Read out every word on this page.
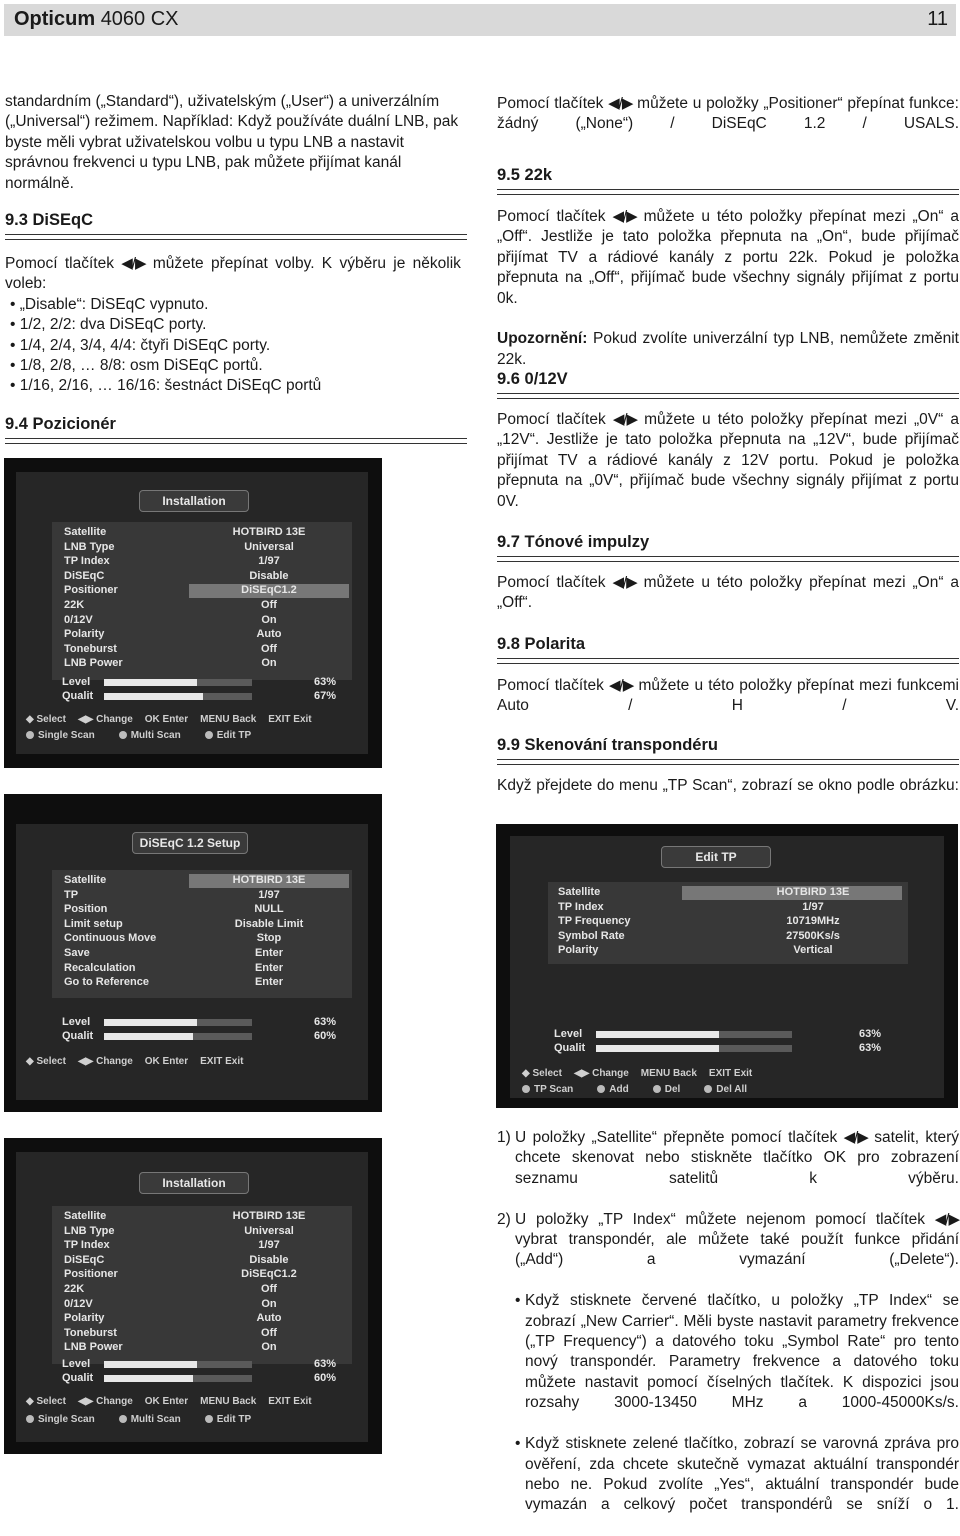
Opticum 4060 CX	11

standardním („Standard“), uživatelským („User“) a univerzálním („Universal“) režimem. Například: Když používáte duální LNB, pak byste měli vybrat uživatelskou volbu u typu LNB a nastavit správnou frekvenci u typu LNB, pak můžete přijímat kanál normálně.

9.3 DiSEqC

Pomocí tlačítek ◀/▶ můžete přepínat volby. K výběru je několik voleb:

• „Disable“: DiSEqC vypnuto.
• 1/2, 2/2: dva DiSEqC porty.
• 1/4, 2/4, 3/4, 4/4: čtyři DiSEqC porty.
• 1/8, 2/8, … 8/8: osm DiSEqC portů.
• 1/16, 2/16, … 16/16: šestnáct DiSEqC portů
9.4 Pozicionér
Installation
Satellite	HOTBIRD 13E
LNB Type	Universal
TP Index	1/97
DiSEqC	Disable
Positioner	DiSEqC1.2
22K	Off
0/12V	On
Polarity	Auto
Toneburst	Off
LNB Power	On
Level	63%
Qualit	67%
◆ Select ◀▶ Change OK Enter MENU Back EXIT Exit
Single Scan	Multi Scan	Edit TP
DiSEqC 1.2 Setup
Satellite	HOTBIRD 13E
TP	1/97
Position	NULL
Limit setup	Disable Limit
Continuous Move	Stop
Save	Enter
Recalculation	Enter
Go to Reference	Enter
Level	63%
Qualit	60%
◆ Select ◀▶ Change OK Enter EXIT Exit
Installation
Satellite	HOTBIRD 13E
LNB Type	Universal
TP Index	1/97
DiSEqC	Disable
Positioner	DiSEqC1.2
22K	Off
0/12V	On
Polarity	Auto
Toneburst	Off
LNB Power	On
Level	63%
Qualit	60%
◆ Select ◀▶ Change OK Enter MENU Back EXIT Exit
Single Scan	Multi Scan	Edit TP

Pomocí tlačítek ◀/▶ můžete u položky „Positioner“ přepínat funkce: žádný („None“) / DiSEqC 1.2 / USALS.

9.5 22k

Pomocí tlačítek ◀/▶ můžete u této položky přepínat mezi „On“ a „Off“. Jestliže je tato položka přepnuta na „On“, bude přijímač přijímat TV a rádiové kanály z portu 22k. Pokud je položka přepnuta na „Off“, přijímač bude všechny signály přijímat z portu 0k.

Upozornění: Pokud zvolíte univerzální typ LNB, nemůžete změnit 22k.

9.6 0/12V

Pomocí tlačítek ◀/▶ můžete u této položky přepínat mezi „0V“ a „12V“. Jestliže je tato položka přepnuta na „12V“, bude přijímač přijímat TV a rádiové kanály z 12V portu. Pokud je položka přepnuta na „0V“, přijímač bude všechny signály přijímat z portu 0V.

9.7 Tónové impulzy

Pomocí tlačítek ◀/▶ můžete u této položky přepínat mezi „On“ a „Off“.

9.8 Polarita

Pomocí tlačítek ◀/▶ můžete u této položky přepínat mezi funkcemi Auto / H / V.

9.9 Skenování transpondéru

Když přejdete do menu „TP Scan“, zobrazí se okno podle obrázku:

Edit TP
Satellite	HOTBIRD 13E
TP Index	1/97
TP Frequency	10719MHz
Symbol Rate	27500Ks/s
Polarity	Vertical
Level	63%
Qualit	63%
◆ Select ◀▶ Change MENU Back EXIT Exit
TP Scan	Add	Del	Del All
1) U položky „Satellite“ přepněte pomocí tlačítek ◀/▶ satelit, který chcete skenovat nebo stiskněte tlačítko OK pro zobrazení seznamu satelitů k výběru.

2) U položky „TP Index“ můžete nejenom pomocí tlačítek ◀/▶ vybrat transpondér, ale můžete také použít funkce přidání („Add“) a vymazání („Delete“).

• Když stisknete červené tlačítko, u položky „TP Index“ se zobrazí „New Carrier“. Měli byste nastavit parametry frekvence („TP Frequency“) a datového toku „Symbol Rate“ pro tento nový transpondér. Parametry frekvence a datového toku můžete nastavit pomocí číselných tlačítek. K dispozici jsou rozsahy 3000-13450 MHz a 1000-45000Ks/s.

• Když stisknete zelené tlačítko, zobrazí se varovná zpráva pro ověření, zda chcete skutečně vymazat aktuální transpondér nebo ne. Pokud zvolíte „Yes“, aktuální transpondér bude vymazán a celkový počet transpondérů se sníží o 1.
